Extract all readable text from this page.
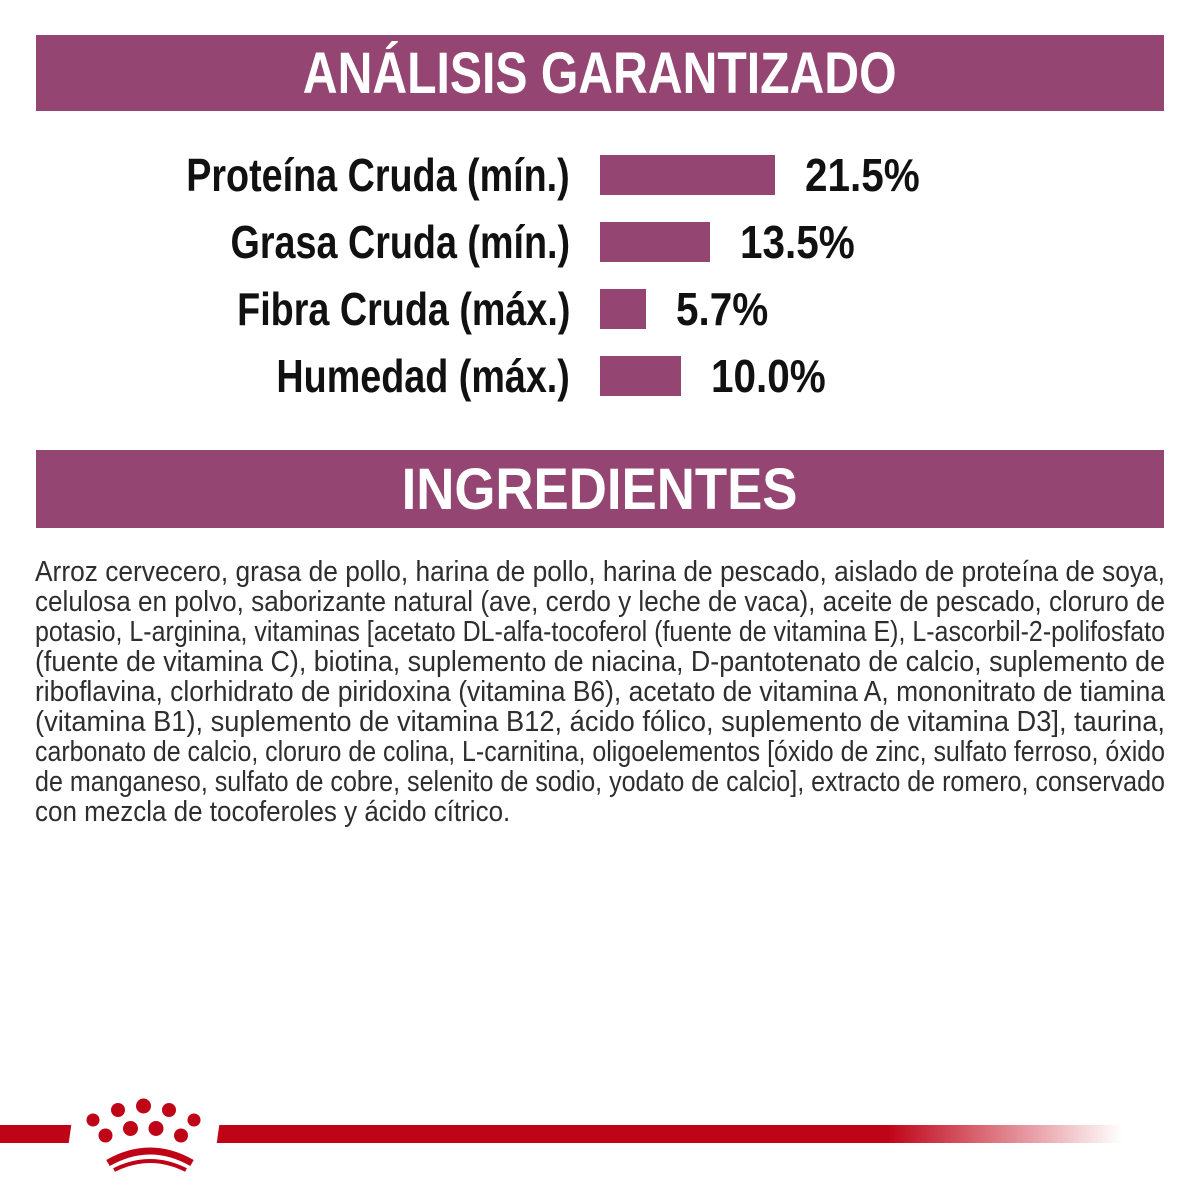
ANÁLISIS GARANTIZADO
Proteína Cruda (mín.)	21.5%
Grasa Cruda (mín.)	13.5%
Fibra Cruda (máx.) 5.7%
Humedad (máx.)	10.0%
INGREDIENTES
Arroz cervecero, grasa de pollo, harina de pollo, harina de pescado, aislado de proteína de soya,
celulosa en polvo, saborizante natural (ave, cerdo y leche de vaca), aceite de pescado, cloruro de
potasio, L-arginina, vitaminas [acetato DL-alfa-tocoferol (fuente de vitamina E), L-ascorbil-2-polifosfato
(fuente de vitamina C), biotina, suplemento de niacina, D-pantotenato de calcio, suplemento de
riboflavina, clorhidrato de piridoxina (vitamina B6), acetato de vitamina A, mononitrato de tiamina
(vitamina B1), suplemento de vitamina B12, ácido fólico, suplemento de vitamina D3], taurina,
carbonato de calcio, cloruro de colina, L-carnitina, oligoelementos [óxido de zinc, sulfato ferroso, óxido
de manganeso, sulfato de cobre, selenito de sodio, yodato de calcio], extracto de romero, conservado
con mezcla de tocoferoles y ácido cítrico.
